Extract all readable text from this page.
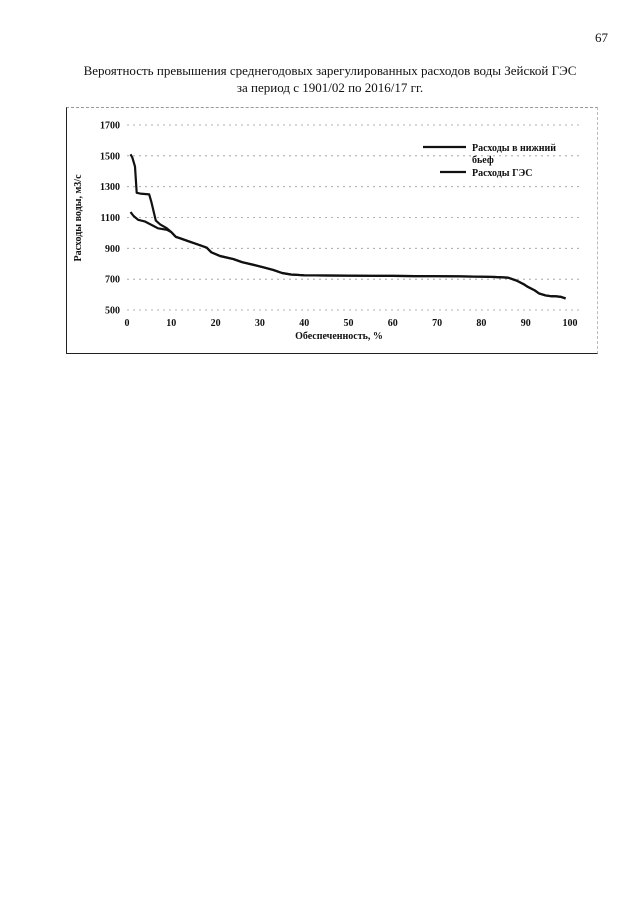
67
Вероятность превышения среднегодовых зарегулированных расходов воды Зейской ГЭС
за период с 1901/02 по 2016/17 гг.
500
700
900
1100
1300
1500
1700
0	10	20	30	40	50	60	70	80	90	100
Обеспеченность, %
Расходы воды, м3/с
Расходы в нижний
бьеф
Расходы ГЭС
